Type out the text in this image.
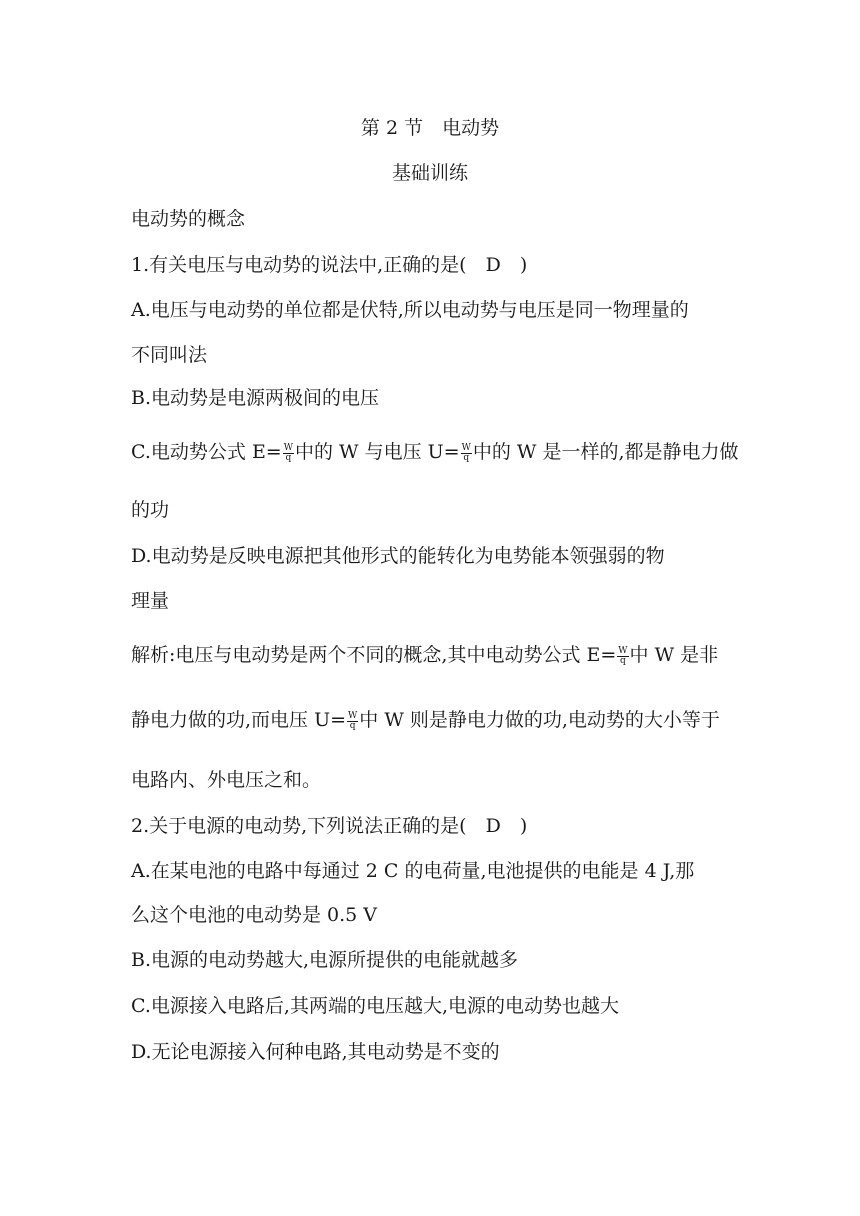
第 2 节　电动势
基础训练
电动势的概念
1.有关电压与电动势的说法中,正确的是(　D　)
A.电压与电动势的单位都是伏特,所以电动势与电压是同一物理量的
不同叫法
B.电动势是电源两极间的电压
C.电动势公式 $E= \frac{W}{q}$ 中的 W 与电压 $U= \frac{W}{q}$ 中的 W 是一样的,都是静电力做
的功
D.电动势是反映电源把其他形式的能转化为电势能本领强弱的物
理量
解析:电压与电动势是两个不同的概念,其中电动势公式 $E= \frac{W}{q}$ 中 W 是非
静电力做的功,而电压 $U= \frac{W}{q}$ 中 W 则是静电力做的功,电动势的大小等于
电路内、外电压之和。
2.关于电源的电动势,下列说法正确的是(　D　)
A.在某电池的电路中每通过 2 C 的电荷量,电池提供的电能是 4 J,那
么这个电池的电动势是 0.5 V
B.电源的电动势越大,电源所提供的电能就越多
C.电源接入电路后,其两端的电压越大,电源的电动势也越大
D.无论电源接入何种电路,其电动势是不变的
